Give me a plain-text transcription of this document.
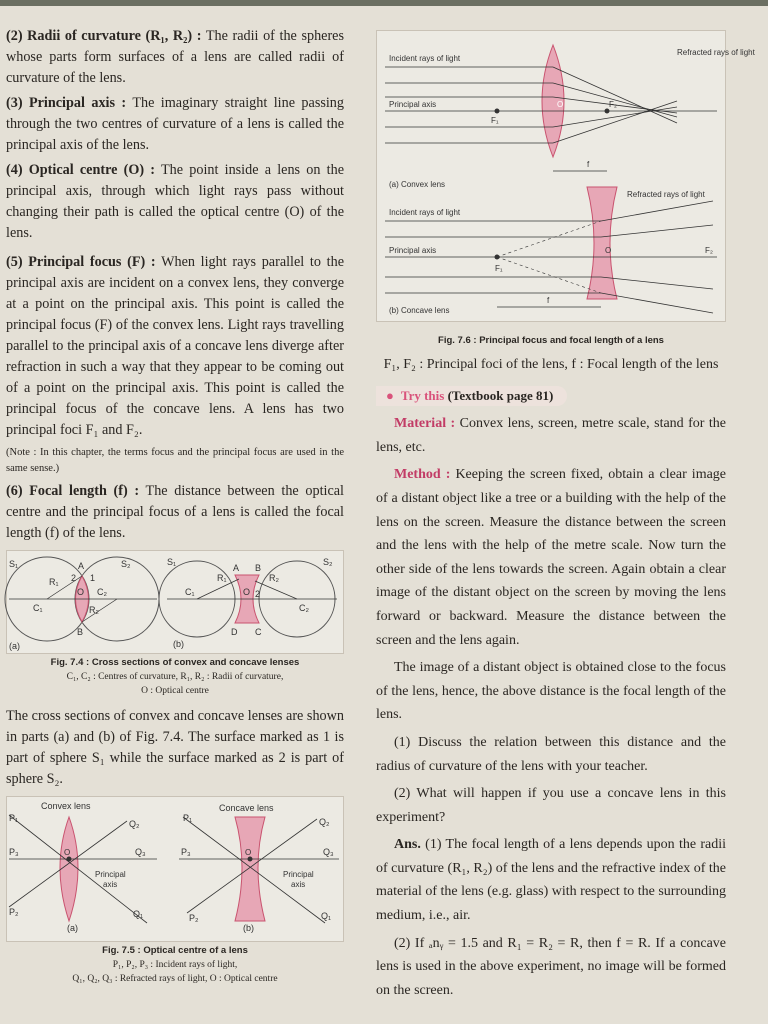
(2) Radii of curvature (R₁, R₂) : The radii of the spheres whose parts form surfaces of a lens are called radii of curvature of the lens.

(3) Principal axis : The imaginary straight line passing through the two centres of curvature of a lens is called the principal axis of the lens.

(4) Optical centre (O) : The point inside a lens on the principal axis, through which light rays pass without changing their path is called the optical centre (O) of the lens.

(5) Principal focus (F) : When light rays parallel to the principal axis are incident on a convex lens, they converge at a point on the principal axis. This point is called the principal focus (F) of the convex lens. Light rays travelling parallel to the principal axis of a concave lens diverge after refraction in such a way that they appear to be coming out of a point on the principal axis. This point is called the principal focus of the concave lens. A lens has two principal foci F₁ and F₂.

(Note : In this chapter, the terms focus and the principal focus are used in the same sense.)

(6) Focal length (f) : The distance between the optical centre and the principal focus of a lens is called the focal length (f) of the lens.

S₁	S₂
R₁
R₂
C₁
C₂
O
A
B
2 1
(a)
S₁	S₂
R₁	R₂
C₁
C₂
O
A B
D C
2
(b)

Fig. 7.4 : Cross sections of convex and concave lenses

C₁, C₂ : Centres of curvature, R₁, R₂ : Radii of curvature,

O : Optical centre

The cross sections of convex and concave lenses are shown in parts (a) and (b) of Fig. 7.4. The surface marked as 1 is part of sphere S₁ while the surface marked as 2 is part of sphere S₂.

Convex lens	Concave lens
P₁
P₃
P₂
Q₂
Q₃
Q₁
O
Principal
axis
(a)
P₁
P₃
P₂
Q₂
Q₃
Q₁
O
Principal
axis
(b)

Fig. 7.5 : Optical centre of a lens

P₁, P₂, P₃ : Incident rays of light,

Q₁, Q₂, Q₃ : Refracted rays of light, O : Optical centre

Incident rays of light
Principal axis
Refracted rays of light
O	F₂
F₁
f
(a) Convex lens
Incident rays of light
Principal axis
Refracted rays of light
O
F₁
F₂
f
(b) Concave lens

Fig. 7.6 : Principal focus and focal length of a lens

F₁, F₂ : Principal foci of the lens, f : Focal length of the lens

● Try this (Textbook page 81)

Material : Convex lens, screen, metre scale, stand for the lens, etc.

Method : Keeping the screen fixed, obtain a clear image of a distant object like a tree or a building with the help of the lens on the screen. Measure the distance between the screen and the lens with the help of the metre scale. Now turn the other side of the lens towards the screen. Again obtain a clear image of the distant object on the screen by moving the lens forward or backward. Measure the distance between the screen and the lens again.

The image of a distant object is obtained close to the focus of the lens, hence, the above distance is the focal length of the lens.

(1) Discuss the relation between this distance and the radius of curvature of the lens with your teacher.

(2) What will happen if you use a concave lens in this experiment?

Ans. (1) The focal length of a lens depends upon the radii of curvature (R₁, R₂) of the lens and the refractive index of the material of the lens (e.g. glass) with respect to the surrounding medium, i.e., air.

(2) If ₐnᵧ = 1.5 and R₁ = R₂ = R, then f = R. If a concave lens is used in the above experiment, no image will be formed on the screen.
